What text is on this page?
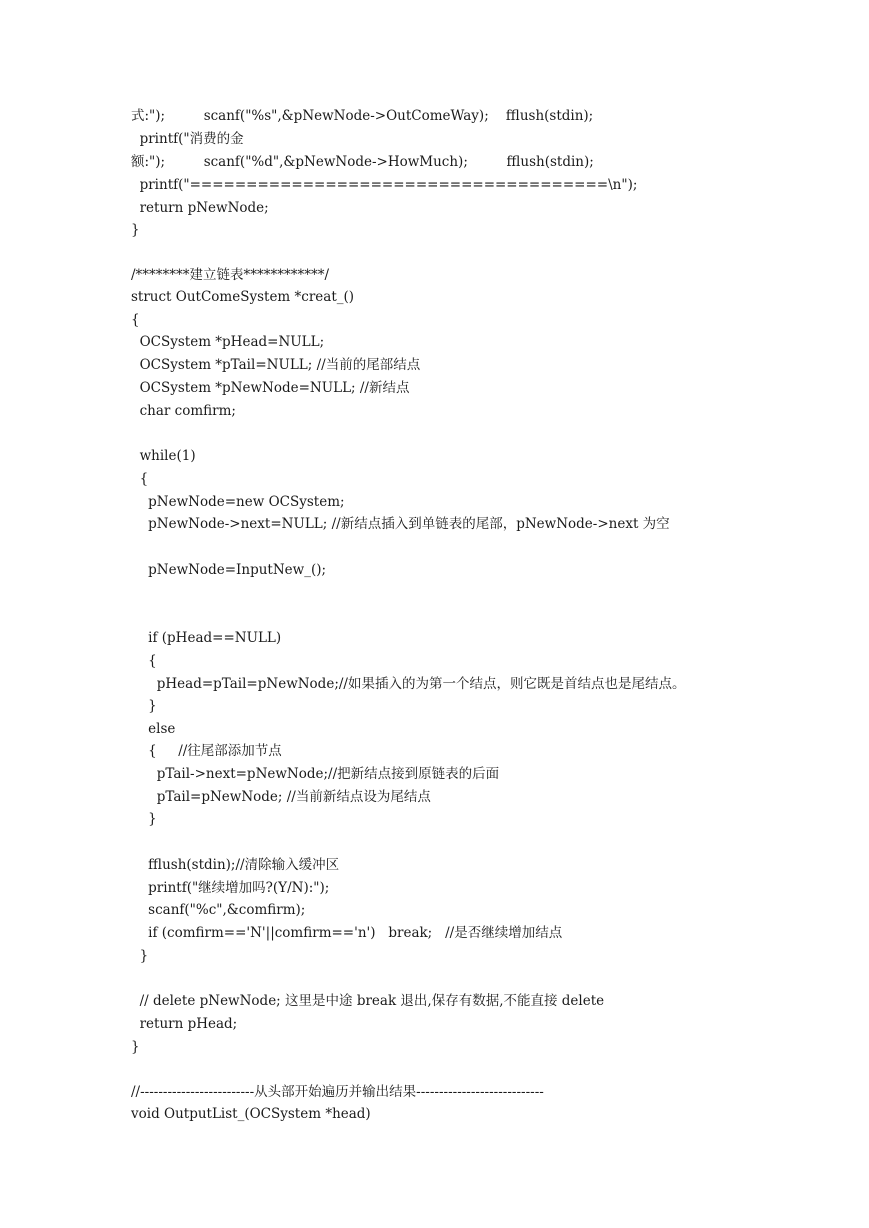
式:");         scanf("%s",&pNewNode->OutComeWay);    fflush(stdin);
printf("消费的金
额:");         scanf("%d",&pNewNode->HowMuch);         fflush(stdin);
printf("=====================================\n");
return pNewNode;
}
/********建立链表************/
struct OutComeSystem *creat_()
{
OCSystem *pHead=NULL;
OCSystem *pTail=NULL; //当前的尾部结点
OCSystem *pNewNode=NULL; //新结点
char comfirm;
while(1)
{
pNewNode=new OCSystem;
pNewNode->next=NULL; //新结点插入到单链表的尾部，pNewNode->next 为空
pNewNode=InputNew_();
if (pHead==NULL)
{
pHead=pTail=pNewNode;//如果插入的为第一个结点，则它既是首结点也是尾结点。
}
else
{     //往尾部添加节点
pTail->next=pNewNode;//把新结点接到原链表的后面
pTail=pNewNode; //当前新结点设为尾结点
}
fflush(stdin);//清除输入缓冲区
printf("继续增加吗?(Y/N):");
scanf("%c",&comfirm);
if (comfirm=='N'||comfirm=='n')   break;   //是否继续增加结点
}
// delete pNewNode; 这里是中途 break 退出,保存有数据,不能直接 delete
return pHead;
}
//-------------------------从头部开始遍历并输出结果----------------------------
void OutputList_(OCSystem *head)
